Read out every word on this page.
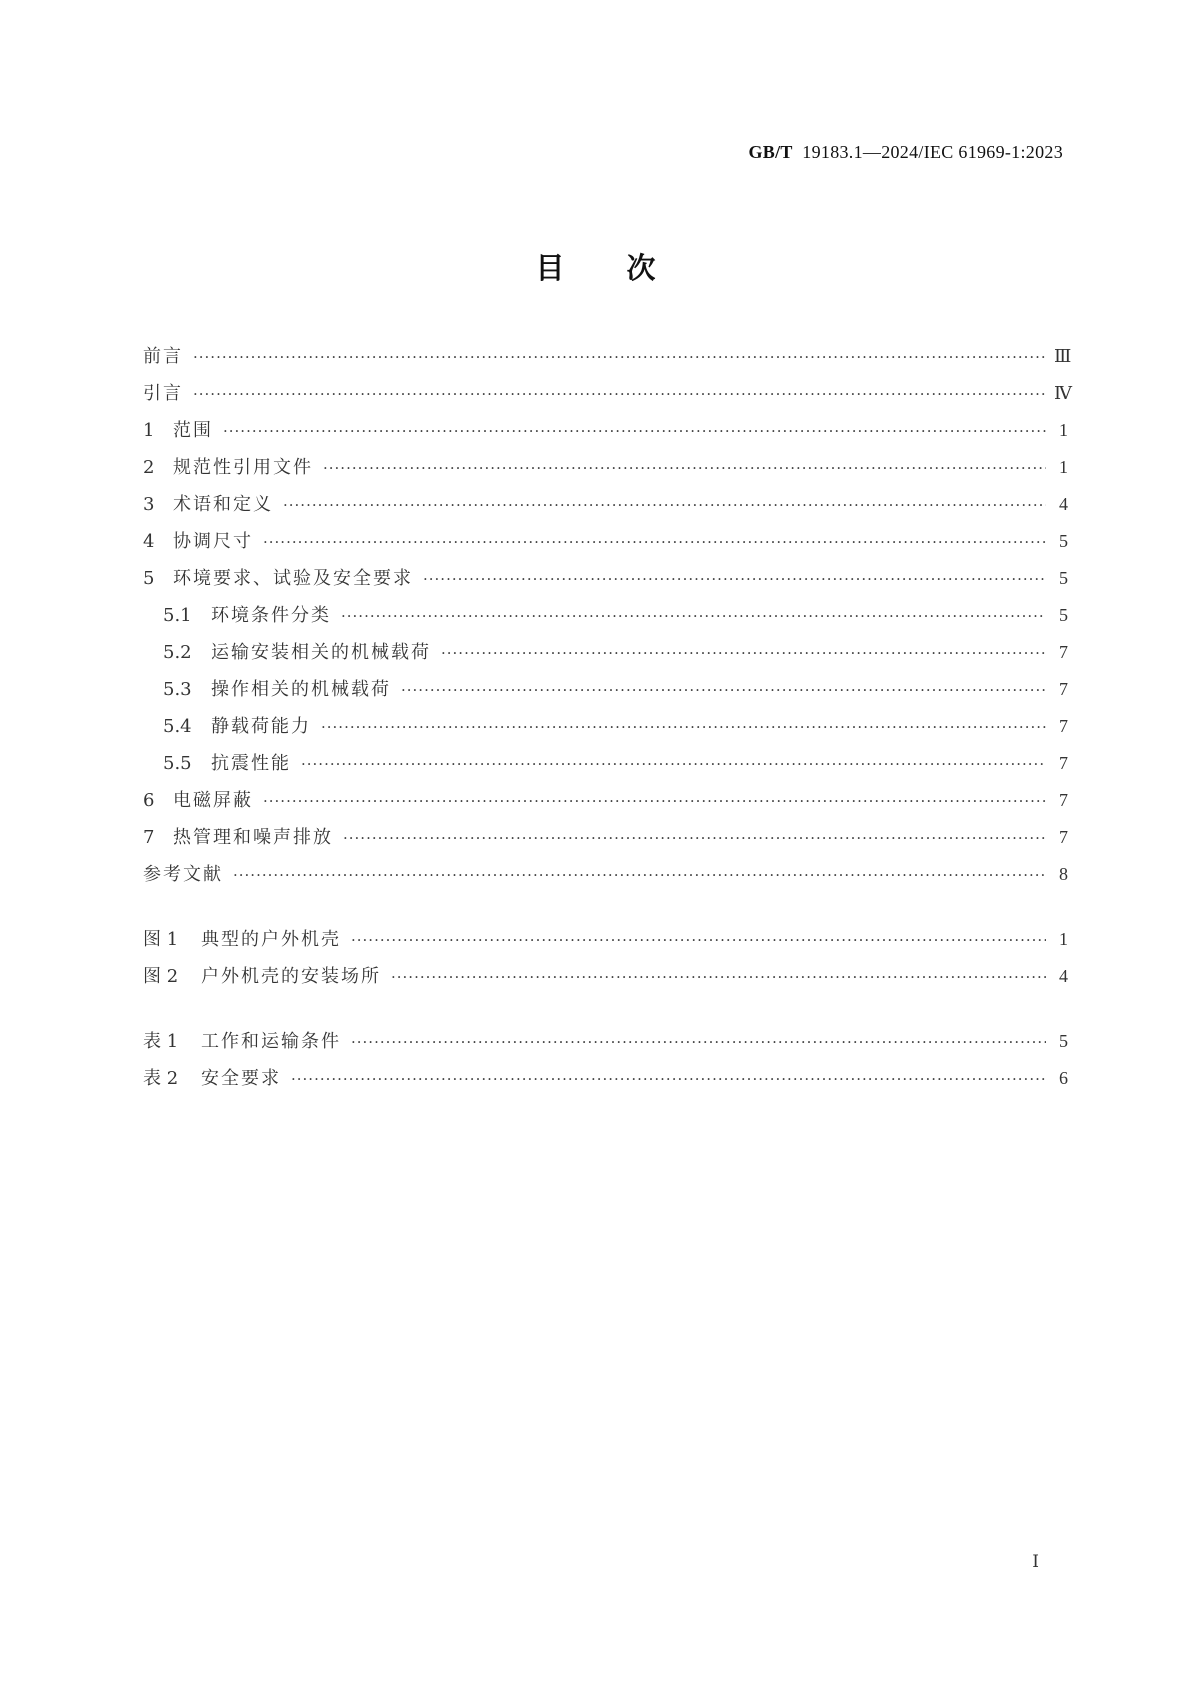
GB/T 19183.1—2024/IEC 61969-1:2023
目次
前言 ·····	Ⅲ
引言 ·····	Ⅳ
1	范围 ·····	1
2	规范性引用文件 ·····	1
3	术语和定义 ·····	4
4	协调尺寸 ·····	5
5	环境要求、试验及安全要求 ·····	5
5.1	环境条件分类 ·····	5
5.2	运输安装相关的机械载荷 ·····	7
5.3	操作相关的机械载荷 ·····	7
5.4	静载荷能力 ·····	7
5.5	抗震性能 ·····	7
6	电磁屏蔽 ·····	7
7	热管理和噪声排放 ·····	7
参考文献 ·····	8
图 1	典型的户外机壳 ·····	1
图 2	户外机壳的安装场所 ·····	4
表 1	工作和运输条件 ·····	5
表 2	安全要求 ·····	6
Ⅰ
